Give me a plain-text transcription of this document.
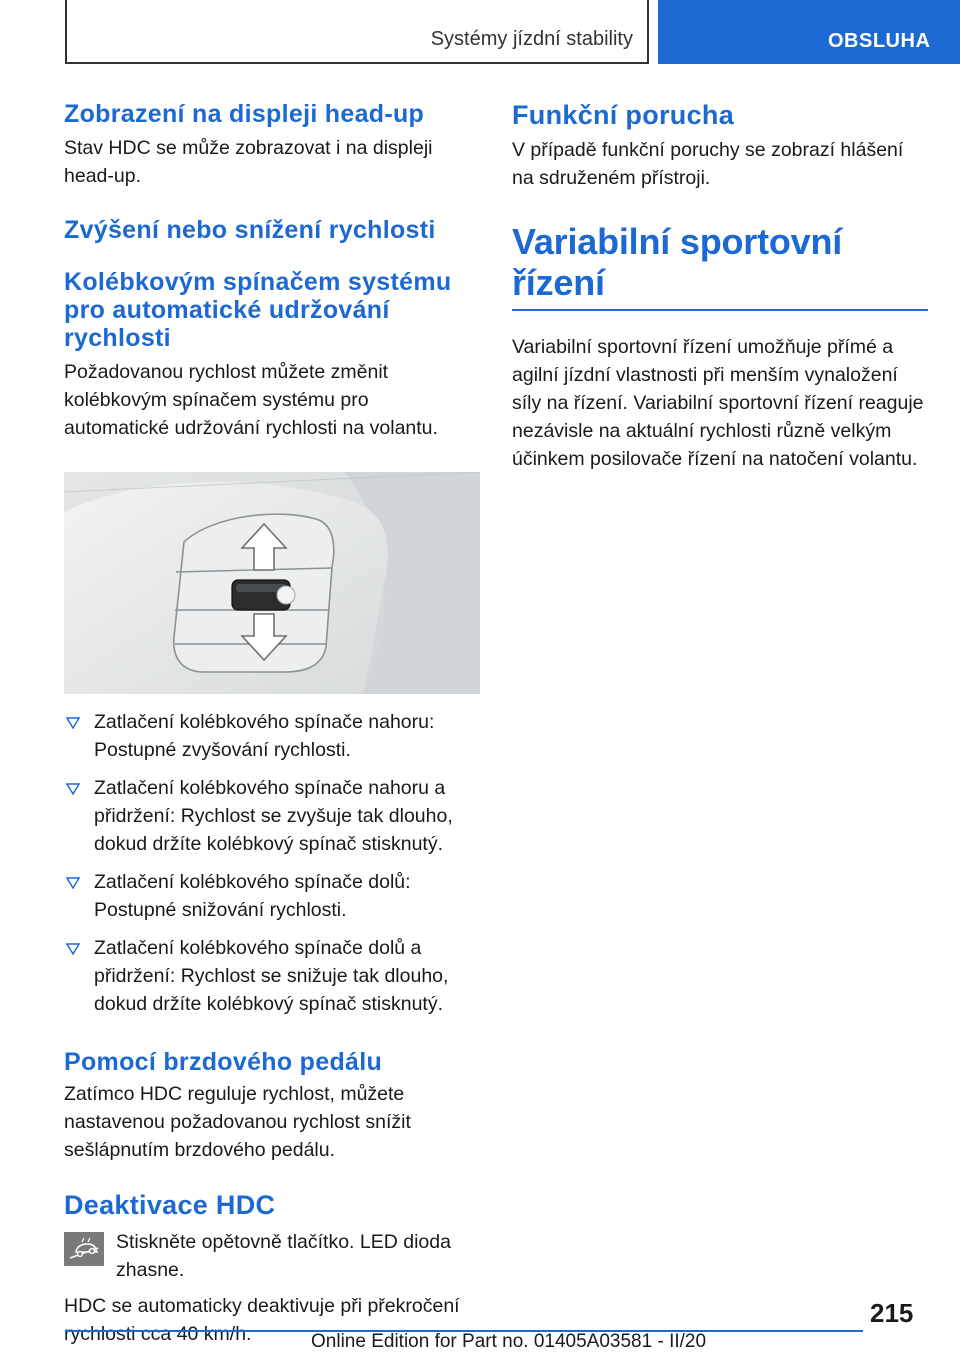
Systémy jízdní stability	OBSLUHA
Zobrazení na displeji head-up

Stav HDC se může zobrazovat i na displeji head-up.

Zvýšení nebo snížení rychlosti
Kolébkovým spínačem systému pro automatické udržování rychlosti

Požadovanou rychlost můžete změnit kolébkovým spínačem systému pro automatické udržování rychlosti na volantu.

Zatlačení kolébkového spínače nahoru: Postupné zvyšování rychlosti.
Zatlačení kolébkového spínače nahoru a přidržení: Rychlost se zvyšuje tak dlouho, dokud držíte kolébkový spínač stisknutý.
Zatlačení kolébkového spínače dolů: Postupné snižování rychlosti.
Zatlačení kolébkového spínače dolů a přidržení: Rychlost se snižuje tak dlouho, dokud držíte kolébkový spínač stisknutý.
Pomocí brzdového pedálu

Zatímco HDC reguluje rychlost, můžete nastavenou požadovanou rychlost snížit sešlápnutím brzdového pedálu.

Deaktivace HDC

Stiskněte opětovně tlačítko. LED dioda zhasne.

HDC se automaticky deaktivuje při překročení rychlosti cca 40 km/h.

Funkční porucha

V případě funkční poruchy se zobrazí hlášení na sdruženém přístroji.

Variabilní sportovní řízení

Variabilní sportovní řízení umožňuje přímé a agilní jízdní vlastnosti při menším vynaložení síly na řízení. Variabilní sportovní řízení reaguje nezávisle na aktuální rychlosti různě velkým účinkem posilovače řízení na natočení volantu.

215
Online Edition for Part no. 01405A03581 - II/20
